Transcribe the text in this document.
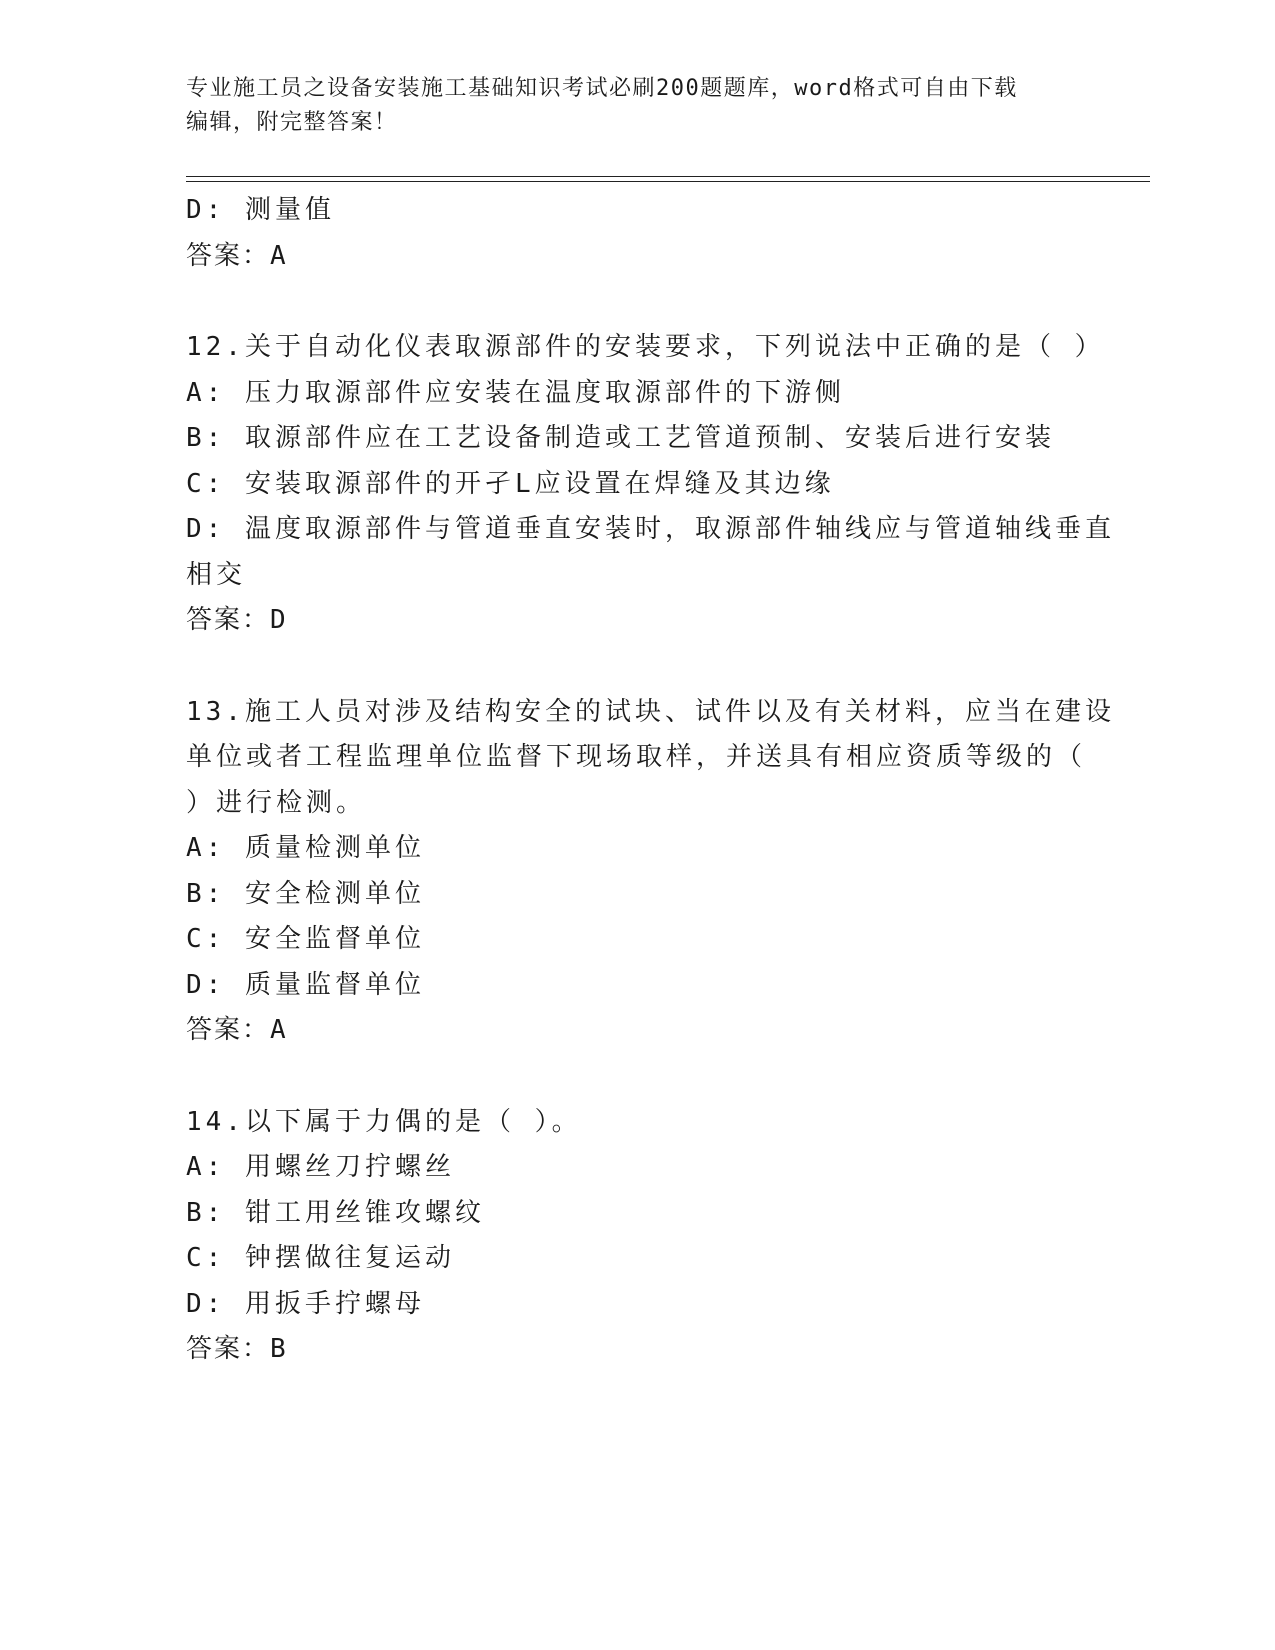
专业施工员之设备安装施工基础知识考试必刷200题题库，word格式可自由下载
编辑，附完整答案！
D: 测量值
答案：A
12.关于自动化仪表取源部件的安装要求，下列说法中正确的是（ ）
A: 压力取源部件应安装在温度取源部件的下游侧
B: 取源部件应在工艺设备制造或工艺管道预制、安装后进行安装
C: 安装取源部件的开孑L应设置在焊缝及其边缘
D: 温度取源部件与管道垂直安装时，取源部件轴线应与管道轴线垂直
相交
答案：D
13.施工人员对涉及结构安全的试块、试件以及有关材料，应当在建设
单位或者工程监理单位监督下现场取样，并送具有相应资质等级的（
）进行检测。
A: 质量检测单位
B: 安全检测单位
C: 安全监督单位
D: 质量监督单位
答案：A
14.以下属于力偶的是（ ）。
A: 用螺丝刀拧螺丝
B: 钳工用丝锥攻螺纹
C: 钟摆做往复运动
D: 用扳手拧螺母
答案：B
